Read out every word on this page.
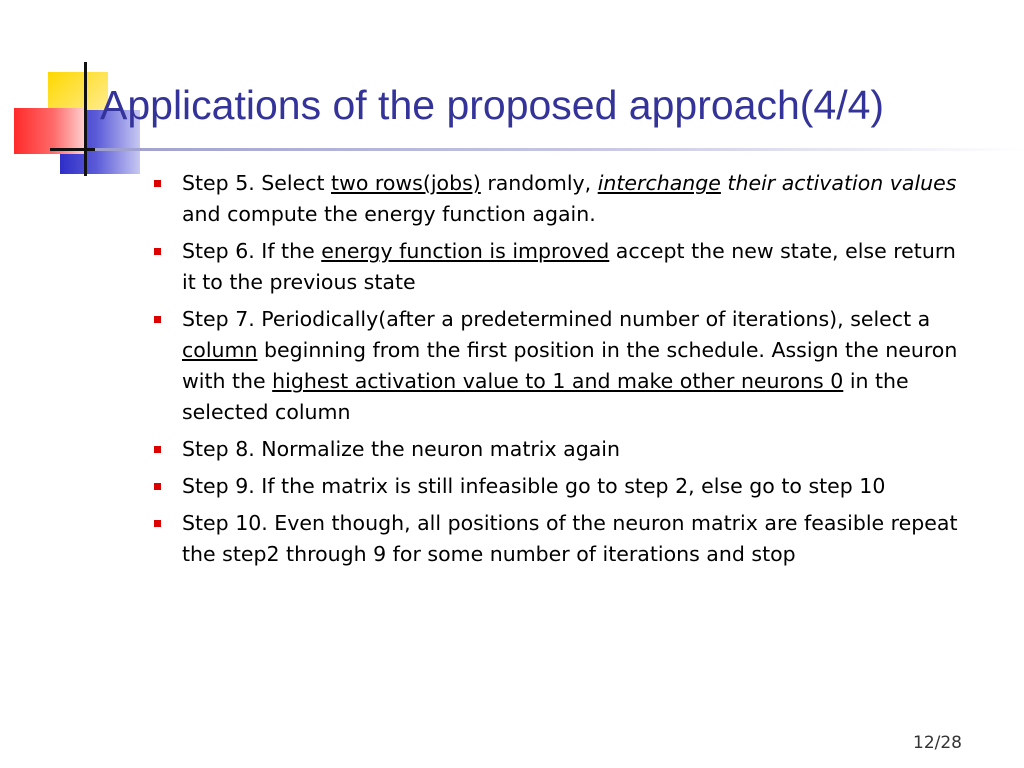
Applications of the proposed approach(4/4)
Step 5. Select two rows(jobs) randomly, interchange their activation values and compute the energy function again.
Step 6. If the energy function is improved accept the new state, else return it to the previous state
Step 7. Periodically(after a predetermined number of iterations), select a column beginning from the first position in the schedule. Assign the neuron with the highest activation value to 1 and make other neurons 0 in the selected column
Step 8. Normalize the neuron matrix again
Step 9. If the matrix is still infeasible go to step 2, else go to step 10
Step 10. Even though, all positions of the neuron matrix are feasible repeat the step2 through 9 for some number of iterations and stop
12/28
